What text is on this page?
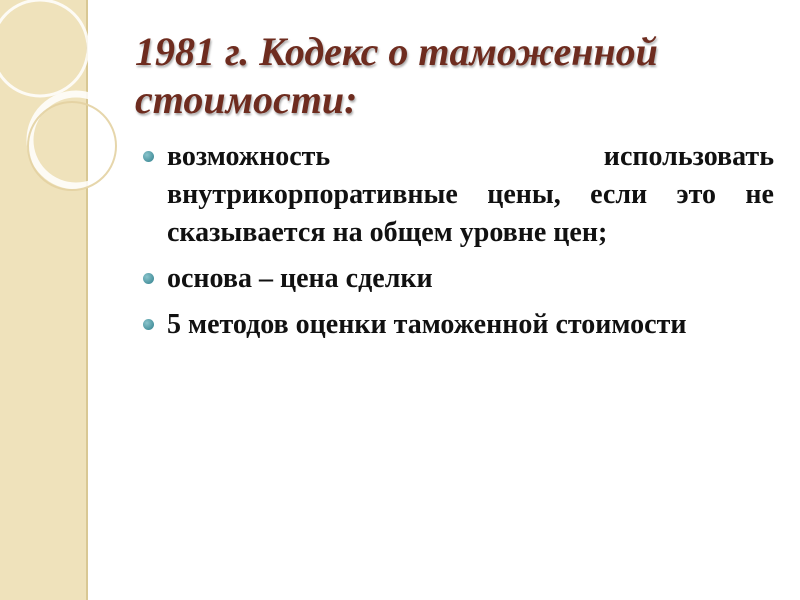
1981 г. Кодекс о таможенной стоимости:
возможность использовать внутрикорпоративные цены, если это не сказывается на общем уровне цен;
основа – цена сделки
5 методов оценки таможенной стоимости
